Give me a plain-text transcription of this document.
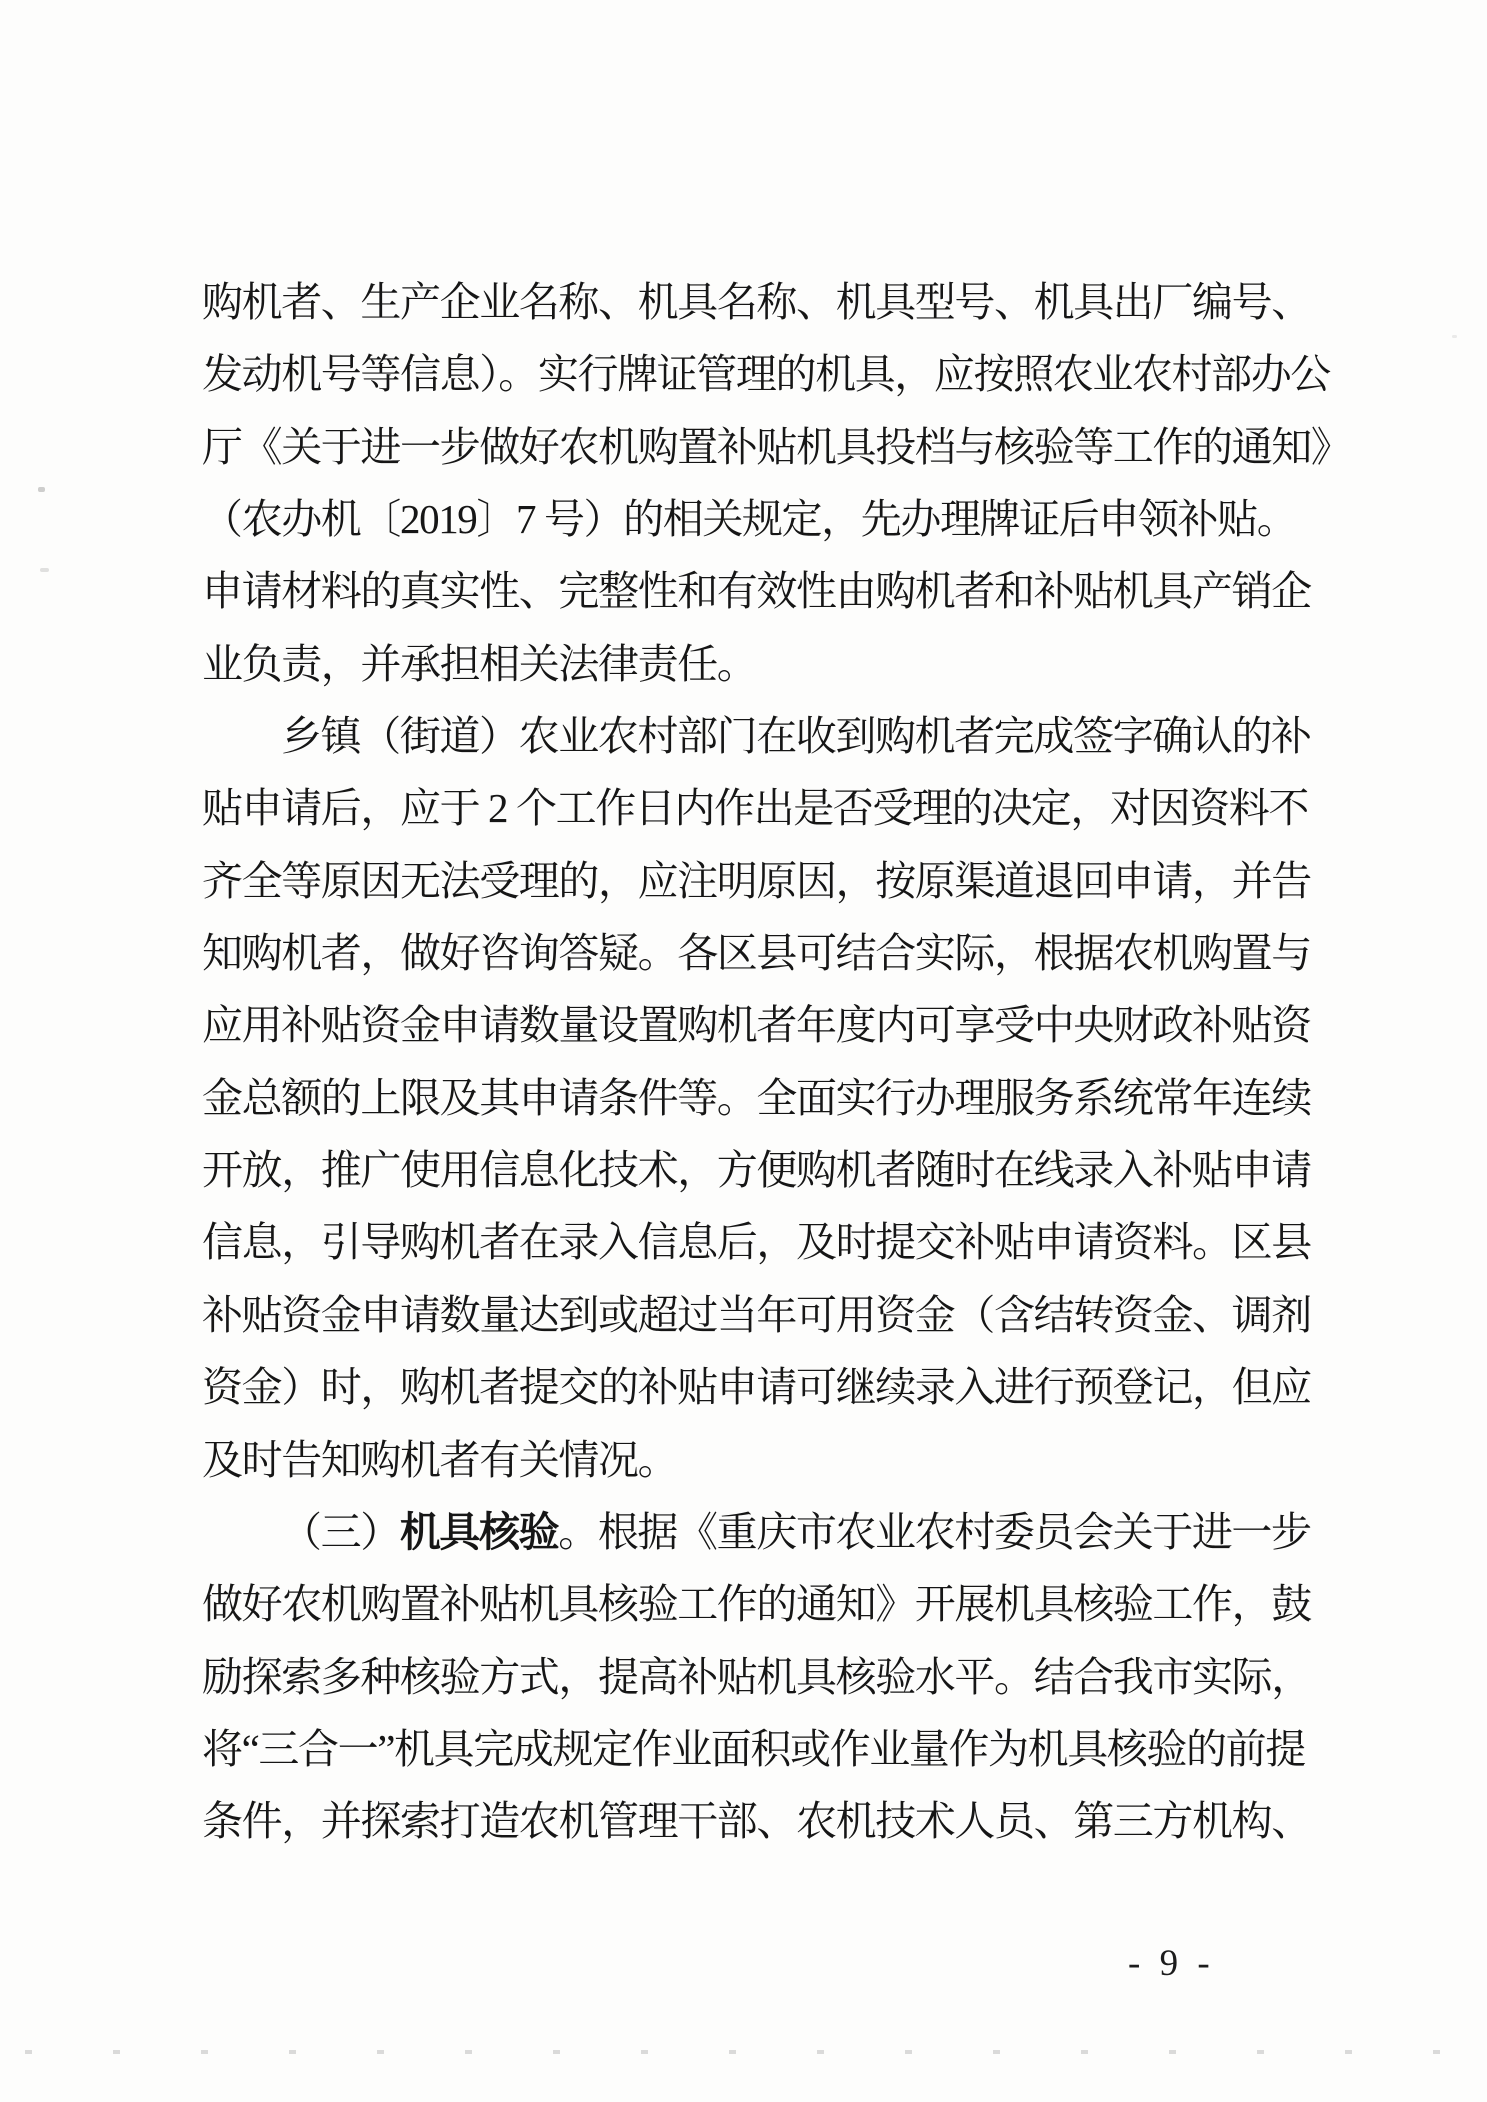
购机者、生产企业名称、机具名称、机具型号、机具出厂编号、
发动机号等信息）。实行牌证管理的机具，应按照农业农村部办公
厅《关于进一步做好农机购置补贴机具投档与核验等工作的通知》
（农办机〔2019〕7 号）的相关规定，先办理牌证后申领补贴。
申请材料的真实性、完整性和有效性由购机者和补贴机具产销企
业负责，并承担相关法律责任。
乡镇（街道）农业农村部门在收到购机者完成签字确认的补
贴申请后，应于 2 个工作日内作出是否受理的决定，对因资料不
齐全等原因无法受理的，应注明原因，按原渠道退回申请，并告
知购机者，做好咨询答疑。各区县可结合实际，根据农机购置与
应用补贴资金申请数量设置购机者年度内可享受中央财政补贴资
金总额的上限及其申请条件等。全面实行办理服务系统常年连续
开放，推广使用信息化技术，方便购机者随时在线录入补贴申请
信息，引导购机者在录入信息后，及时提交补贴申请资料。区县
补贴资金申请数量达到或超过当年可用资金（含结转资金、调剂
资金）时，购机者提交的补贴申请可继续录入进行预登记，但应
及时告知购机者有关情况。
（三）机具核验。根据《重庆市农业农村委员会关于进一步
做好农机购置补贴机具核验工作的通知》开展机具核验工作，鼓
励探索多种核验方式，提高补贴机具核验水平。结合我市实际，
将“三合一”机具完成规定作业面积或作业量作为机具核验的前提
条件，并探索打造农机管理干部、农机技术人员、第三方机构、
- 9 -
